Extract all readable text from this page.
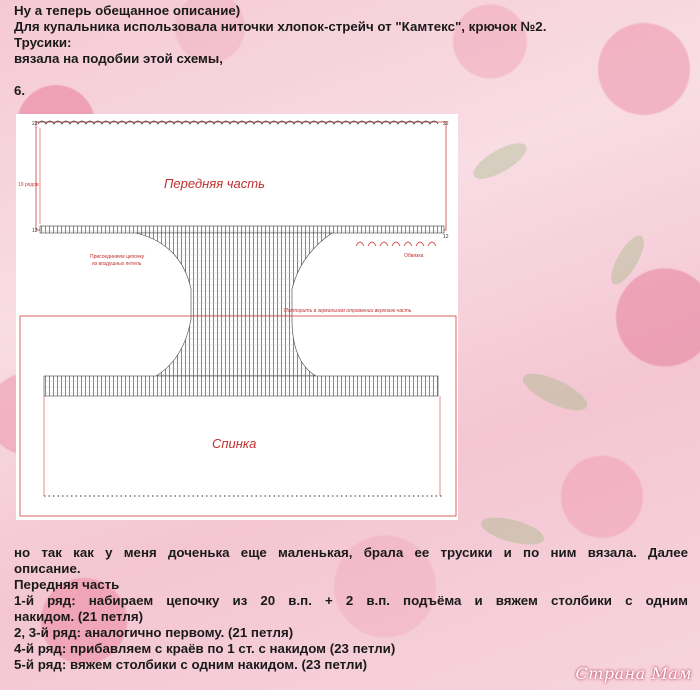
Ну а теперь обещанное описание)
Для купальника использовала ниточки хлопок-стрейч от "Камтекс", крючок №2.
Трусики:
вязала на подобии этой схемы,
6.
19 рядов
22	22
12
12
Передняя часть
Обвязка
Присоединяем цепочку
из воздушных петель
Повторить в зеркальном отражении верхнюю часть
Спинка
но так как у меня доченька еще маленькая, брала ее трусики и по ним вязала. Далее
описание.
Передняя часть
1-й ряд: набираем цепочку из 20 в.п. + 2 в.п. подъёма и вяжем столбики с одним
накидом. (21 петля)
2, 3-й ряд: аналогично первому. (21 петля)
4-й ряд: прибавляем с краёв по 1 ст. с накидом (23 петли)
5-й ряд: вяжем столбики с одним накидом. (23 петли)	Страна Мам
